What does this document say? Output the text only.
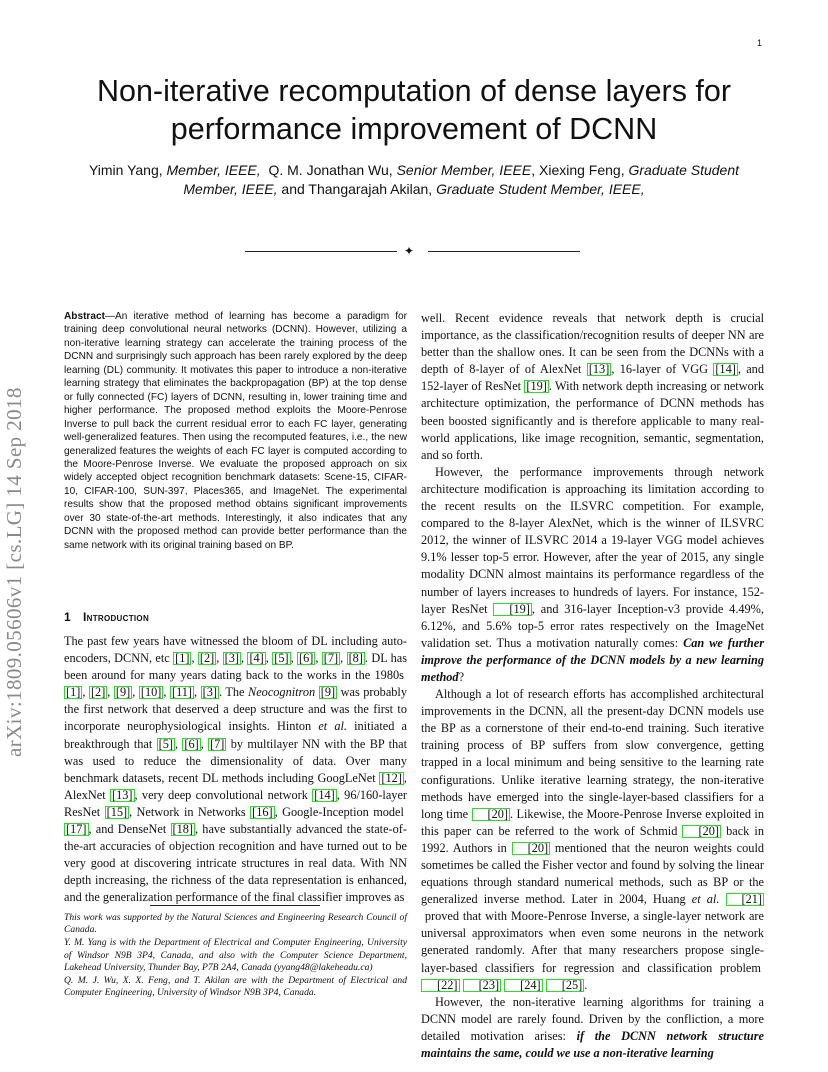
1
arXiv:1809.05606v1 [cs.LG] 14 Sep 2018
Non-iterative recomputation of dense layers for performance improvement of DCNN
Yimin Yang, Member, IEEE, Q. M. Jonathan Wu, Senior Member, IEEE, Xiexing Feng, Graduate Student Member, IEEE, and Thangarajah Akilan, Graduate Student Member, IEEE,
✦
Abstract—An iterative method of learning has become a paradigm for training deep convolutional neural networks (DCNN). However, utilizing a non-iterative learning strategy can accelerate the training process of the DCNN and surprisingly such approach has been rarely explored by the deep learning (DL) community. It motivates this paper to introduce a non-iterative learning strategy that eliminates the backpropagation (BP) at the top dense or fully connected (FC) layers of DCNN, resulting in, lower training time and higher performance. The proposed method exploits the Moore-Penrose Inverse to pull back the current residual error to each FC layer, generating well-generalized features. Then using the recomputed features, i.e., the new generalized features the weights of each FC layer is computed according to the Moore-Penrose Inverse. We evaluate the proposed approach on six widely accepted object recognition benchmark datasets: Scene-15, CIFAR-10, CIFAR-100, SUN-397, Places365, and ImageNet. The experimental results show that the proposed method obtains significant improvements over 30 state-of-the-art methods. Interestingly, it also indicates that any DCNN with the proposed method can provide better performance than the same network with its original training based on BP.
1 Introduction
The past few years have witnessed the bloom of DL including auto-encoders, DCNN, etc [1] , [2] , [3] , [4] , [5] , [6] , [7] , [8] . DL has been around for many years dating back to the works in the 1980s [1] , [2] , [9] , [10] , [11] , [3] . The Neocognitron [9] was probably the first network that deserved a deep structure and was the first to incorporate neurophysiological insights. Hinton et al. initiated a breakthrough that [5] , [6] , [7] by multilayer NN with the BP that was used to reduce the dimensionality of data. Over many benchmark datasets, recent DL methods including GoogLeNet [12] , AlexNet [13] , very deep convolutional network [14] , 96/160-layer ResNet [15] , Network in Networks [16] , Google-Inception model [17] , and DenseNet [18] , have substantially advanced the state-of-the-art accuracies of objection recognition and have turned out to be very good at discovering intricate structures in real data. With NN depth increasing, the richness of the data representation is enhanced, and the generalization performance of the final classifier improves as

This work was supported by the Natural Sciences and Engineering Research Council of Canada.

Y. M. Yang is with the Department of Electrical and Computer Engineering, University of Windsor N9B 3P4, Canada, and also with the Computer Science Department, Lakehead University, Thunder Bay, P7B 2A4, Canada (yyang48@lakeheadu.ca)

Q. M. J. Wu, X. X. Feng, and T. Akilan are with the Department of Electrical and Computer Engineering, University of Windsor N9B 3P4, Canada.

well. Recent evidence reveals that network depth is crucial importance, as the classification/recognition results of deeper NN are better than the shallow ones. It can be seen from the DCNNs with a depth of 8-layer of of AlexNet [13] , 16-layer of VGG [14] , and 152-layer of ResNet [19] . With network depth increasing or network architecture optimization, the performance of DCNN methods has been boosted significantly and is therefore applicable to many real-world applications, like image recognition, semantic, segmentation, and so forth.

However, the performance improvements through network architecture modification is approaching its limitation according to the recent results on the ILSVRC competition. For example, compared to the 8-layer AlexNet, which is the winner of ILSVRC 2012, the winner of ILSVRC 2014 a 19-layer VGG model achieves 9.1% lesser top-5 error. However, after the year of 2015, any single modality DCNN almost maintains its performance regardless of the number of layers increases to hundreds of layers. For instance, 152-layer ResNet [19] , and 316-layer Inception-v3 provide 4.49%, 6.12%, and 5.6% top-5 error rates respectively on the ImageNet validation set. Thus a motivation naturally comes: Can we further improve the performance of the DCNN models by a new learning method?

Although a lot of research efforts has accomplished architectural improvements in the DCNN, all the present-day DCNN models use the BP as a cornerstone of their end-to-end training. Such iterative training process of BP suffers from slow convergence, getting trapped in a local minimum and being sensitive to the learning rate configurations. Unlike iterative learning strategy, the non-iterative methods have emerged into the single-layer-based classifiers for a long time [20] . Likewise, the Moore-Penrose Inverse exploited in this paper can be referred to the work of Schmid [20] back in 1992. Authors in [20] mentioned that the neuron weights could sometimes be called the Fisher vector and found by solving the linear equations through standard numerical methods, such as BP or the generalized inverse method. Later in 2004, Huang et al. [21] proved that with Moore-Penrose Inverse, a single-layer network are universal approximators when even some neurons in the network generated randomly. After that many researchers propose single-layer-based classifiers for regression and classification problem [22] [23] [24] [25] .

However, the non-iterative learning algorithms for training a DCNN model are rarely found. Driven by the confliction, a more detailed motivation arises: if the DCNN network structure maintains the same, could we use a non-iterative learning
